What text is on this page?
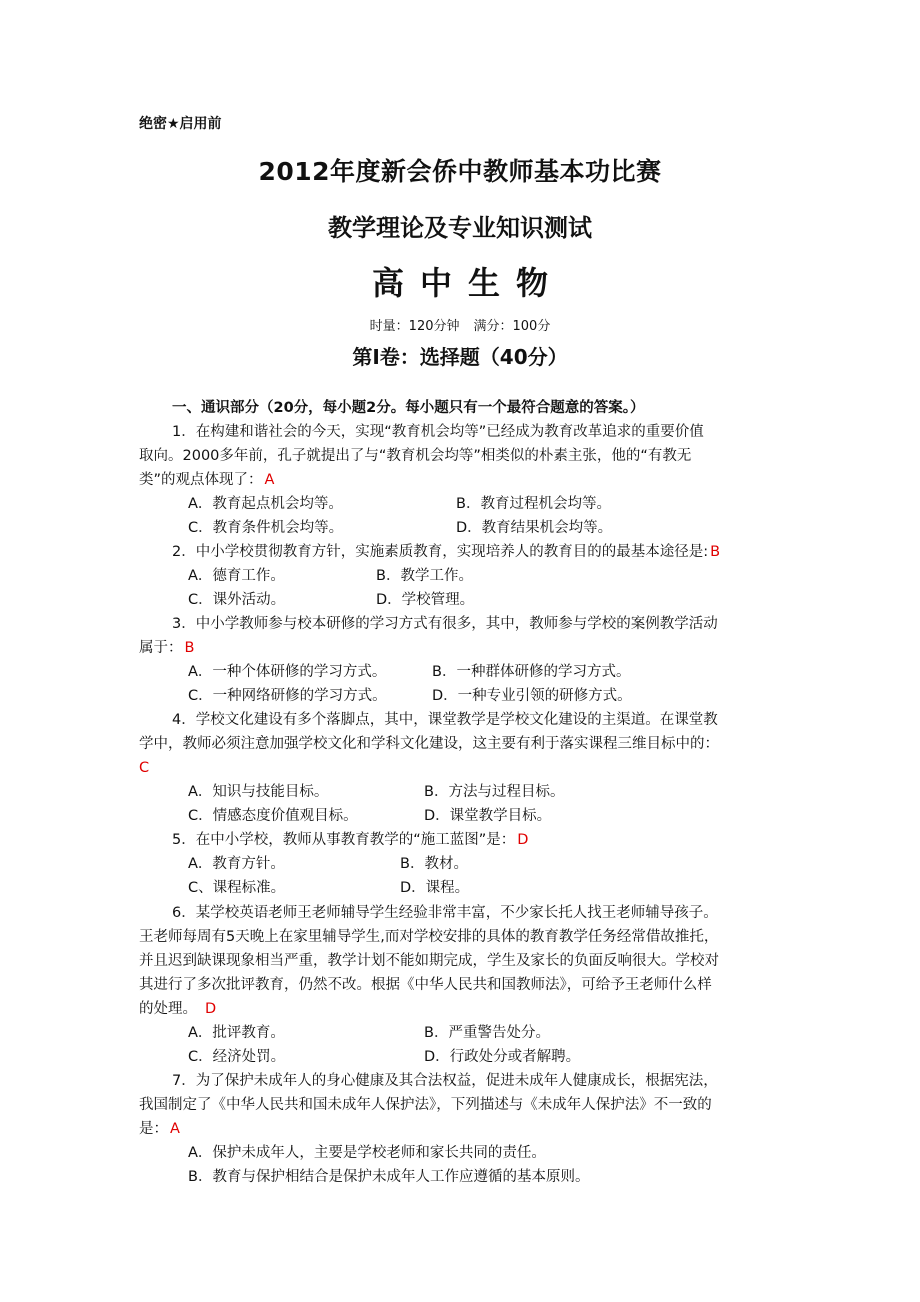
绝密★启用前
2012年度新会侨中教师基本功比赛
教学理论及专业知识测试
高中生物
时量：120分钟 满分：100分
第Ⅰ卷：选择题（40分）
一、通识部分（20分，每小题2分。每小题只有一个最符合题意的答案。）
1．在构建和谐社会的今天，实现“教育机会均等”已经成为教育改革追求的重要价值
取向。2000多年前，孔子就提出了与“教育机会均等”相类似的朴素主张，他的“有教无
类”的观点体现了： A
A．教育起点机会均等。	B．教育过程机会均等。
C．教育条件机会均等。	D．教育结果机会均等。
2．中小学校贯彻教育方针，实施素质教育，实现培养人的教育目的的最基本途径是: B
A．德育工作。	B．教学工作。
C．课外活动。	D．学校管理。
3．中小学教师参与校本研修的学习方式有很多，其中，教师参与学校的案例教学活动
属于： B
A．一种个体研修的学习方式。	B．一种群体研修的学习方式。
C．一种网络研修的学习方式。	D．一种专业引领的研修方式。
4．学校文化建设有多个落脚点，其中，课堂教学是学校文化建设的主渠道。在课堂教
学中，教师必须注意加强学校文化和学科文化建设，这主要有利于落实课程三维目标中的：
C
A．知识与技能目标。	B．方法与过程目标。
C．情感态度价值观目标。	D．课堂教学目标。
5．在中小学校，教师从事教育教学的“施工蓝图”是： D
A．教育方针。	B．教材。
C、课程标准。	D．课程。
6．某学校英语老师王老师辅导学生经验非常丰富，不少家长托人找王老师辅导孩子。
王老师每周有5天晚上在家里辅导学生,而对学校安排的具体的教育教学任务经常借故推托，
并且迟到缺课现象相当严重，教学计划不能如期完成，学生及家长的负面反响很大。学校对
其进行了多次批评教育，仍然不改。根据《中华人民共和国教师法》，可给予王老师什么样
的处理。 D
A．批评教育。	B．严重警告处分。
C．经济处罚。	D．行政处分或者解聘。
7．为了保护未成年人的身心健康及其合法权益，促进未成年人健康成长，根据宪法，
我国制定了《中华人民共和国未成年人保护法》，下列描述与《未成年人保护法》不一致的
是： A
A．保护未成年人，主要是学校老师和家长共同的责任。
B．教育与保护相结合是保护未成年人工作应遵循的基本原则。
